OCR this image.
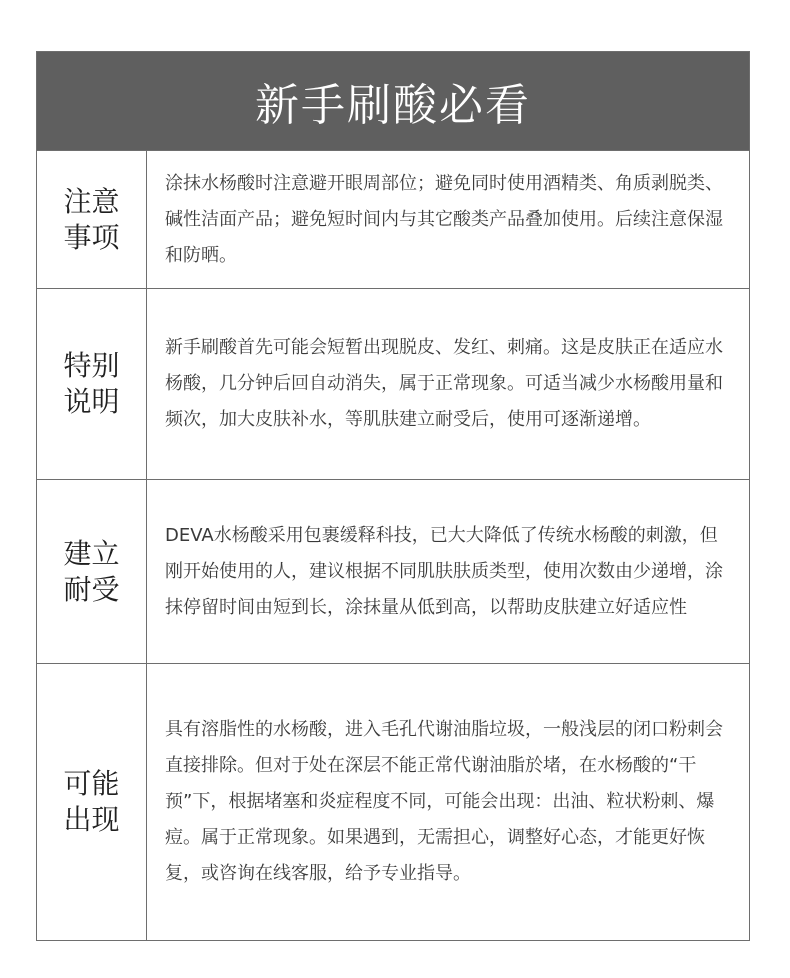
新手刷酸必看
注意事项
涂抹水杨酸时注意避开眼周部位；避免同时使用酒精类、角质剥脱类、碱性洁面产品；避免短时间内与其它酸类产品叠加使用。后续注意保湿和防晒。
特别说明
新手刷酸首先可能会短暂出现脱皮、发红、刺痛。这是皮肤正在适应水杨酸，几分钟后回自动消失，属于正常现象。可适当减少水杨酸用量和频次，加大皮肤补水，等肌肤建立耐受后，使用可逐渐递增。
建立耐受
DEVA水杨酸采用包裹缓释科技，已大大降低了传统水杨酸的刺激，但刚开始使用的人，建议根据不同肌肤肤质类型，使用次数由少递增，涂抹停留时间由短到长，涂抹量从低到高，以帮助皮肤建立好适应性
可能出现
具有溶脂性的水杨酸，进入毛孔代谢油脂垃圾，一般浅层的闭口粉刺会直接排除。但对于处在深层不能正常代谢油脂於堵，在水杨酸的“干预”下，根据堵塞和炎症程度不同，可能会出现：出油、粒状粉刺、爆痘。属于正常现象。如果遇到，无需担心，调整好心态，才能更好恢复，或咨询在线客服，给予专业指导。
